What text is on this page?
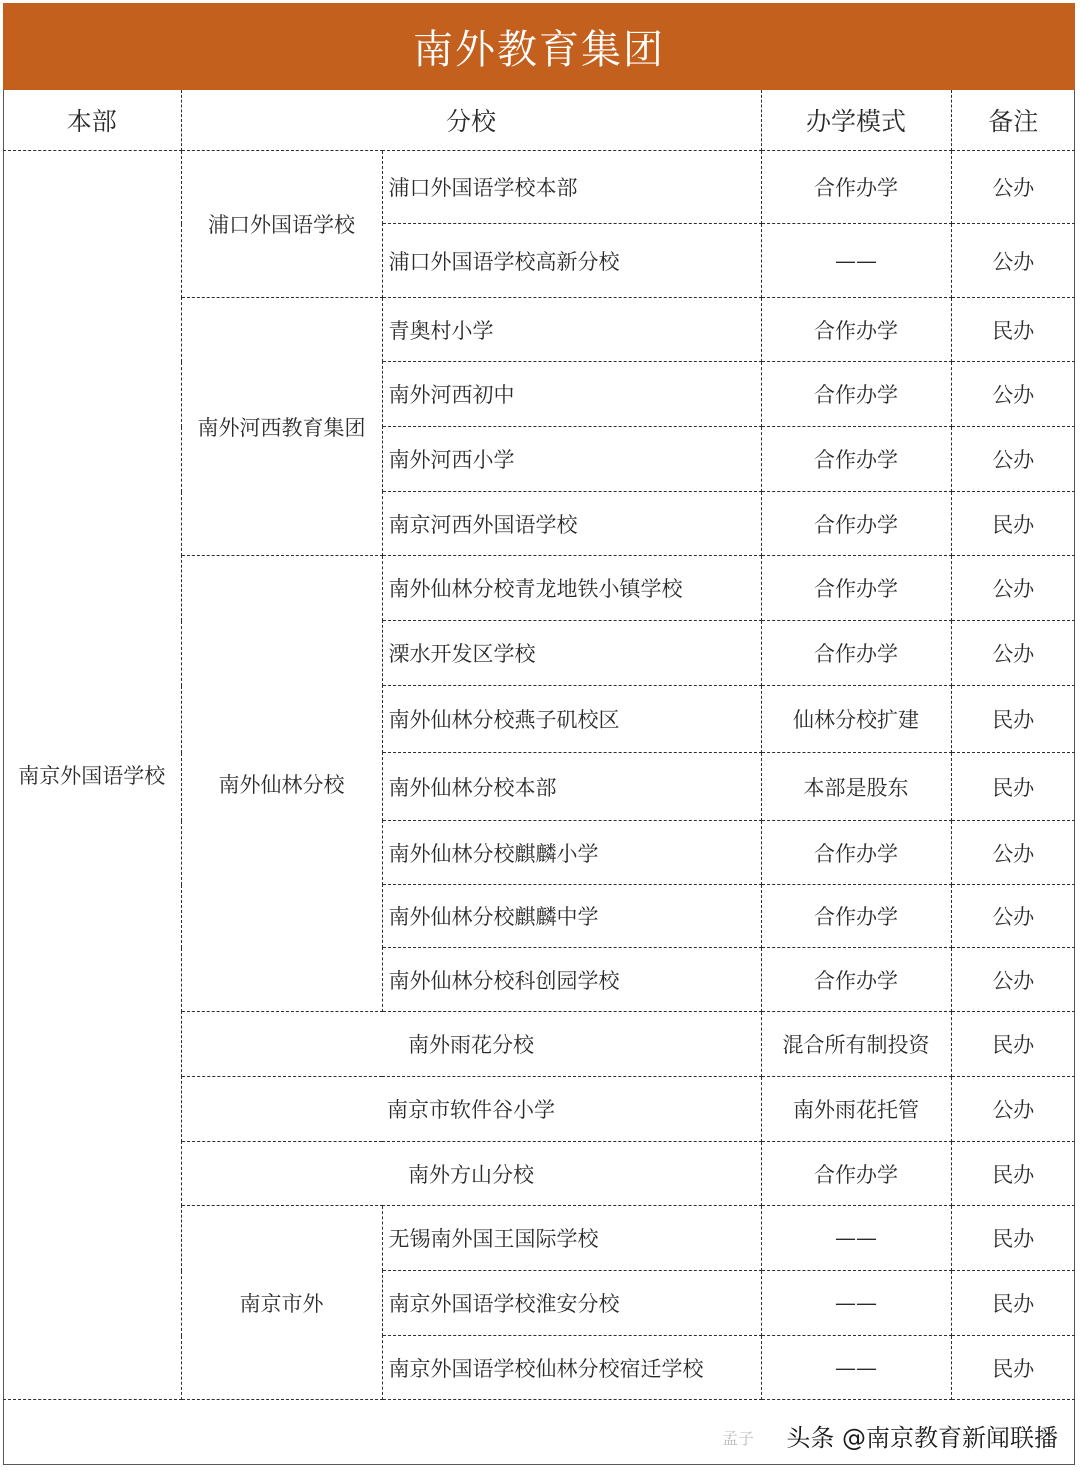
南外教育集团
本部	分校		办学模式	备注
南京外国语学校	浦口外国语学校	浦口外国语学校本部	合作办学	公办
		浦口外国语学校高新分校	——	公办
	南外河西教育集团	青奥村小学	合作办学	民办
		南外河西初中	合作办学	公办
		南外河西小学	合作办学	公办
		南京河西外国语学校	合作办学	民办
	南外仙林分校	南外仙林分校青龙地铁小镇学校	合作办学	公办
		溧水开发区学校	合作办学	公办
		南外仙林分校燕子矶校区	仙林分校扩建	民办
		南外仙林分校本部	本部是股东	民办
		南外仙林分校麒麟小学	合作办学	公办
		南外仙林分校麒麟中学	合作办学	公办
		南外仙林分校科创园学校	合作办学	公办
	南外雨花分校		混合所有制投资	民办
	南京市软件谷小学		南外雨花托管	公办
	南外方山分校		合作办学	民办
	南京市外	无锡南外国王国际学校	——	民办
		南京外国语学校淮安分校	——	民办
		南京外国语学校仙林分校宿迁学校	——	民办
孟子 头条 @南京教育新闻联播
